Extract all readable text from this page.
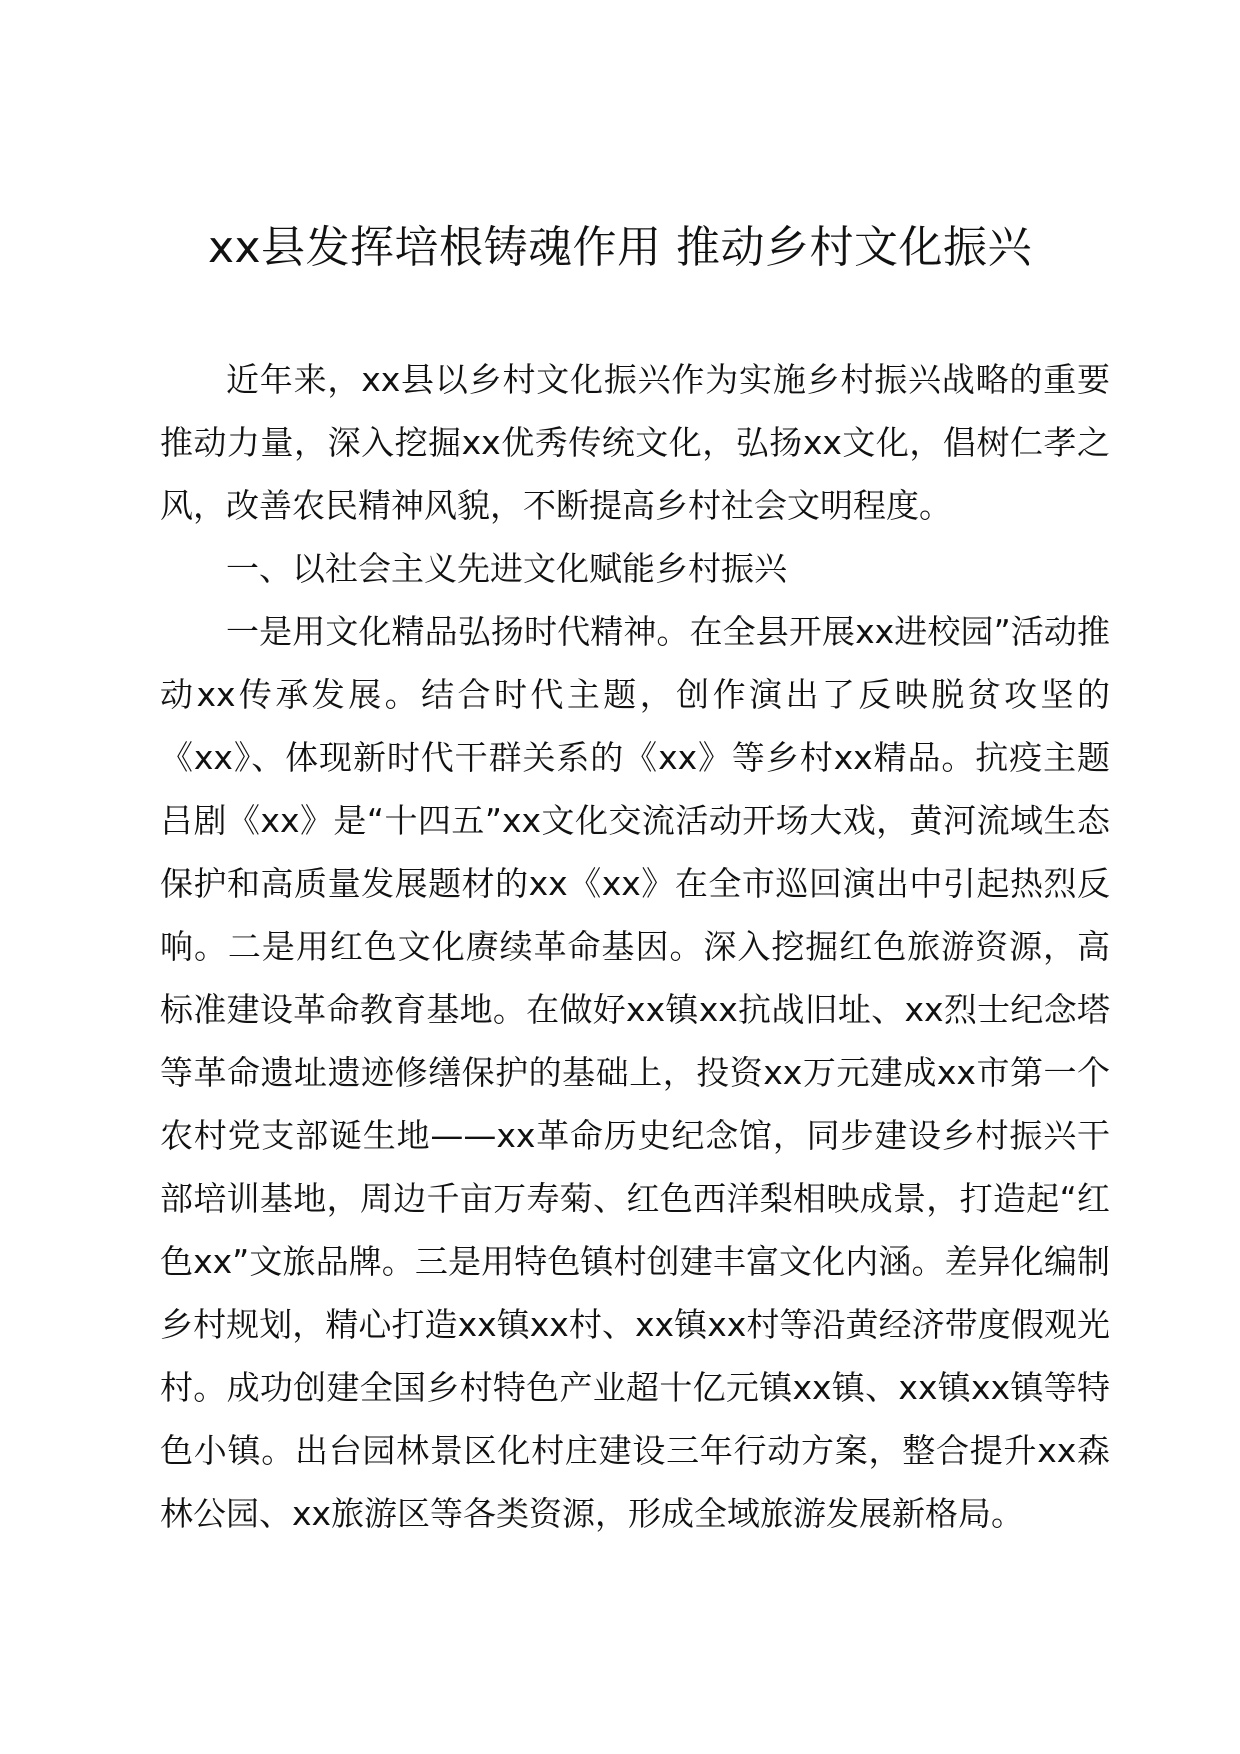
xx县发挥培根铸魂作用 推动乡村文化振兴

近年来，xx县以乡村文化振兴作为实施乡村振兴战略的重要推动力量，深入挖掘xx优秀传统文化，弘扬xx文化，倡树仁孝之风，改善农民精神风貌，不断提高乡村社会文明程度。

一、以社会主义先进文化赋能乡村振兴

一是用文化精品弘扬时代精神。在全县开展xx进校园”活动推动xx传承发展。结合时代主题，创作演出了反映脱贫攻坚的《xx》、体现新时代干群关系的《xx》等乡村xx精品。抗疫主题吕剧《xx》是“十四五”xx文化交流活动开场大戏，黄河流域生态保护和高质量发展题材的xx《xx》在全市巡回演出中引起热烈反响。二是用红色文化赓续革命基因。深入挖掘红色旅游资源，高标准建设革命教育基地。在做好xx镇xx抗战旧址、xx烈士纪念塔等革命遗址遗迹修缮保护的基础上，投资xx万元建成xx市第一个农村党支部诞生地——xx革命历史纪念馆，同步建设乡村振兴干部培训基地，周边千亩万寿菊、红色西洋梨相映成景，打造起“红色xx”文旅品牌。三是用特色镇村创建丰富文化内涵。差异化编制乡村规划，精心打造xx镇xx村、xx镇xx村等沿黄经济带度假观光村。成功创建全国乡村特色产业超十亿元镇xx镇、xx镇xx镇等特色小镇。出台园林景区化村庄建设三年行动方案，整合提升xx森林公园、xx旅游区等各类资源，形成全域旅游发展新格局。
